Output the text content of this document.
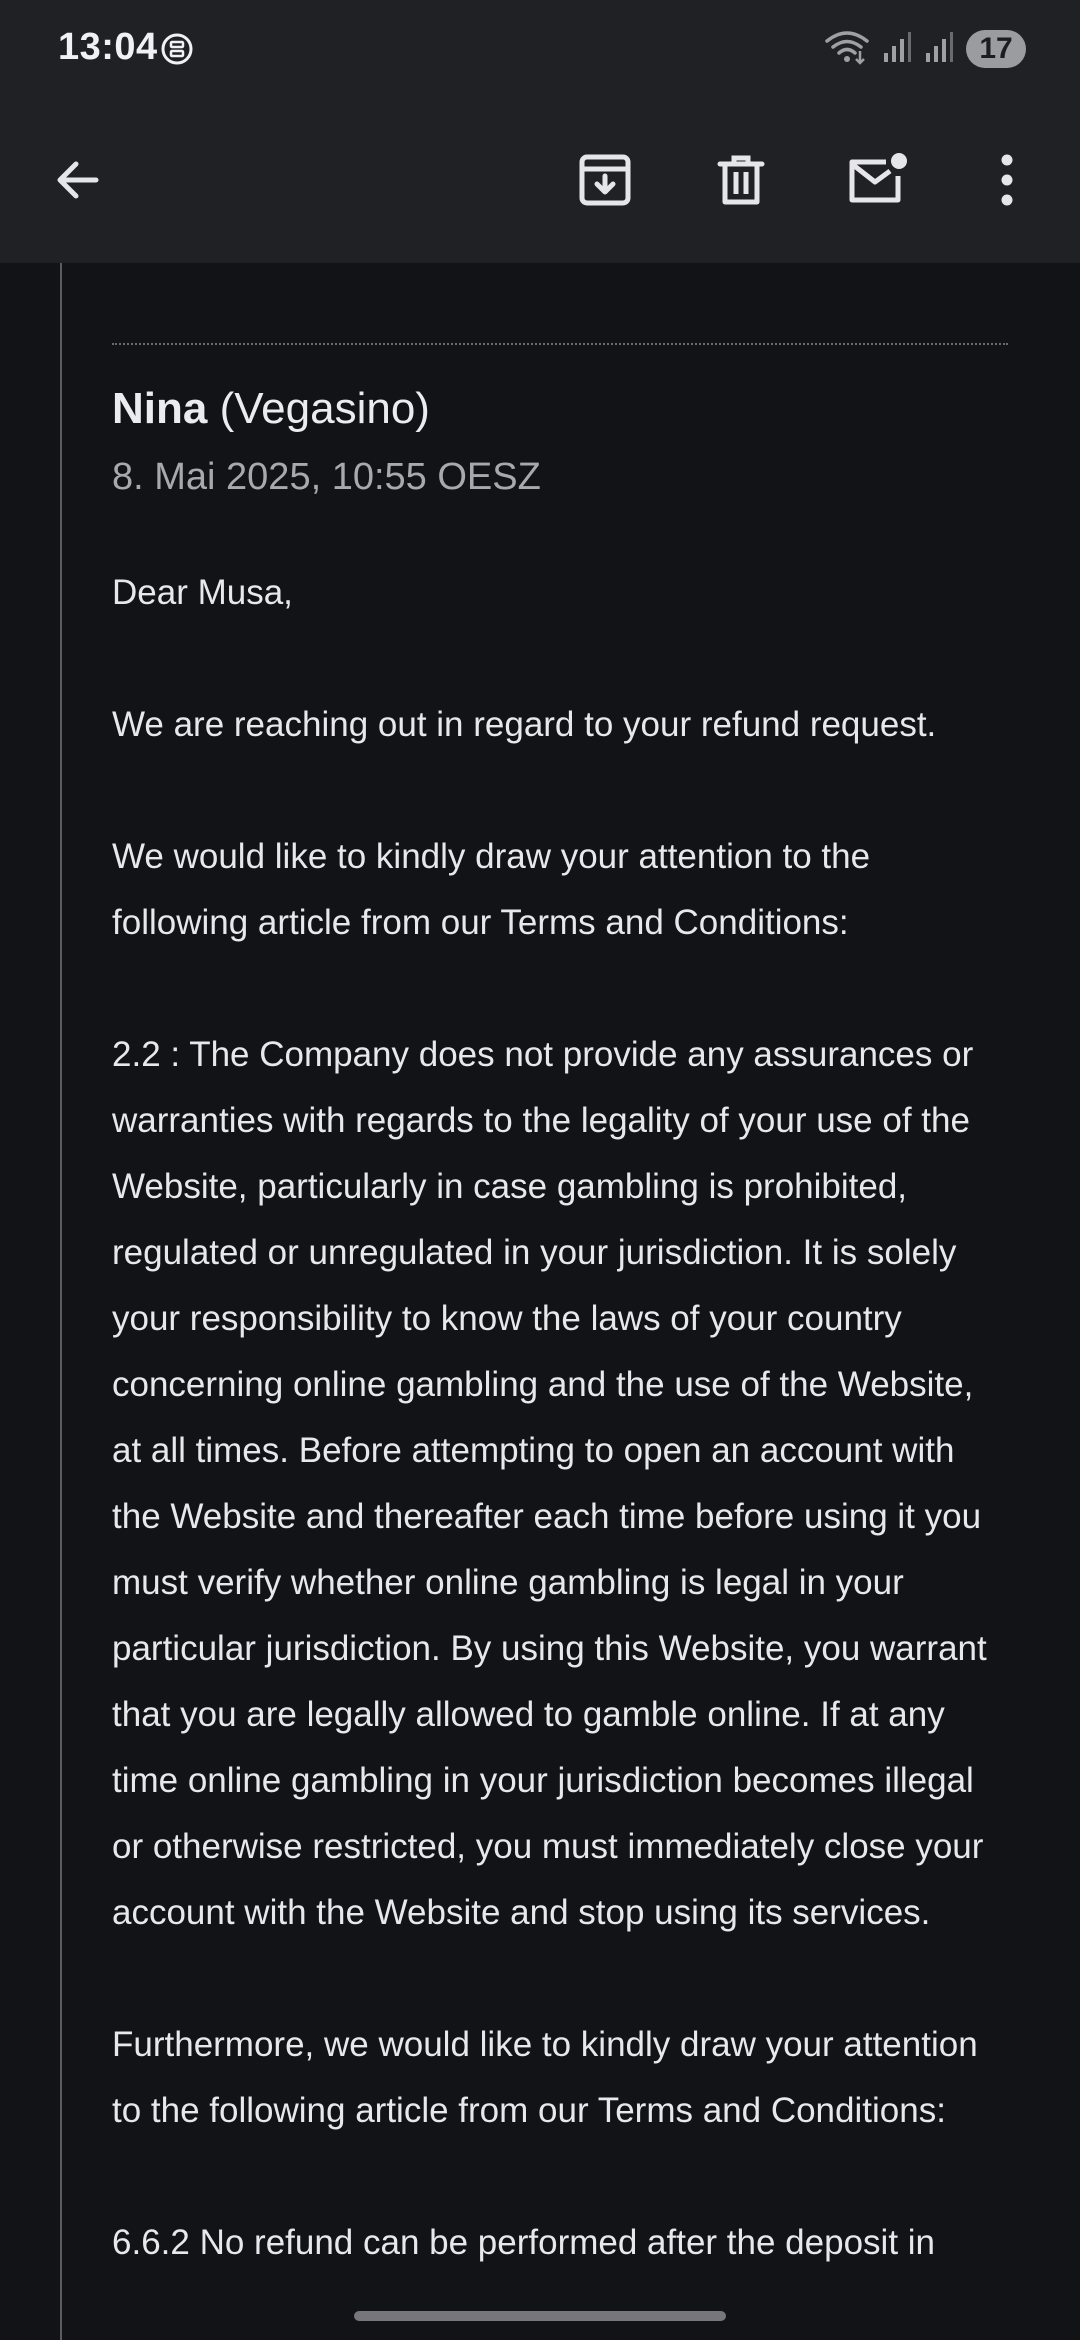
13:04	17
Nina (Vegasino)
8. Mai 2025, 10:55 OESZ

Dear Musa,

We are reaching out in regard to your refund request.

We would like to kindly draw your attention to the following article from our Terms and Conditions:

2.2 : The Company does not provide any assurances or warranties with regards to the legality of your use of the Website, particularly in case gambling is prohibited, regulated or unregulated in your jurisdiction. It is solely your responsibility to know the laws of your country concerning online gambling and the use of the Website, at all times. Before attempting to open an account with the Website and thereafter each time before using it you must verify whether online gambling is legal in your particular jurisdiction. By using this Website, you warrant that you are legally allowed to gamble online. If at any time online gambling in your jurisdiction becomes illegal or otherwise restricted, you must immediately close your account with the Website and stop using its services.

Furthermore, we would like to kindly draw your attention to the following article from our Terms and Conditions:

6.6.2 No refund can be performed after the deposit in
